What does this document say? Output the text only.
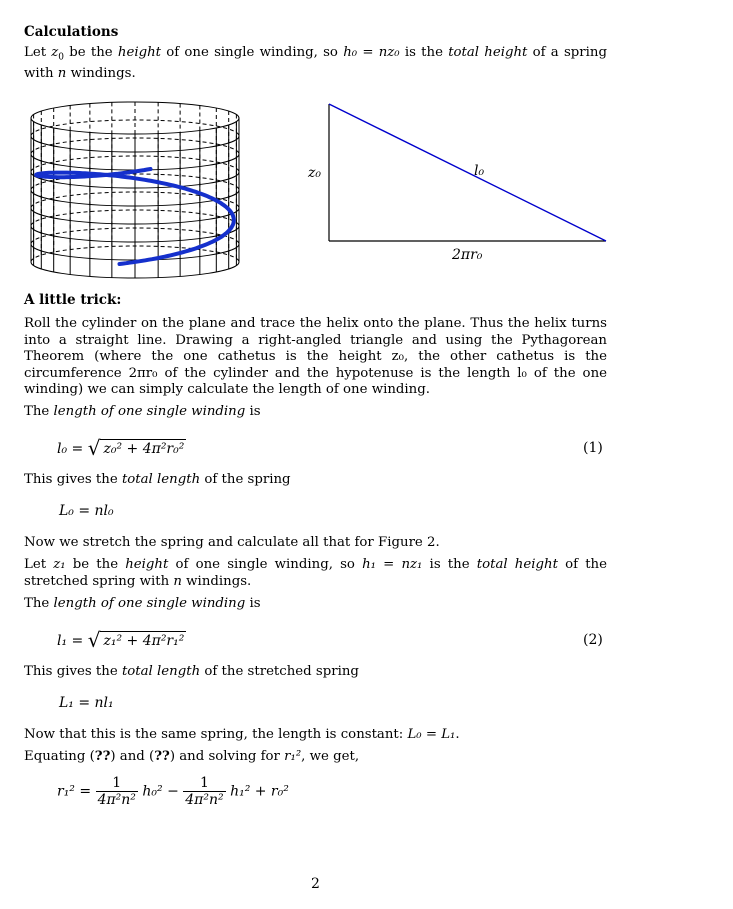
Calculations
Let $z_0$ be the height of one single winding, so h₀ = nz₀ is the total height of a spring with n windings.
z₀	l₀
2πr₀
A little trick:
Roll the cylinder on the plane and trace the helix onto the plane. Thus the helix turns into a straight line. Drawing a right-angled triangle and using the Pythagorean Theorem (where the one cathetus is the height z₀, the other cathetus is the circumference 2πr₀ of the cylinder and the hypotenuse is the length l₀ of the one winding) we can simply calculate the length of one winding.
The length of one single winding is
l₀ = √ z₀² + 4π²r₀²	(1)
This gives the total length of the spring
L₀ = nl₀
Now we stretch the spring and calculate all that for Figure 2.
Let z₁ be the height of one single winding, so h₁ = nz₁ is the total height of the stretched spring with n windings.
The length of one single winding is
l₁ = √ z₁² + 4π²r₁²	(2)
This gives the total length of the stretched spring
L₁ = nl₁
Now that this is the same spring, the length is constant: L₀ = L₁.
Equating (??) and (??) and solving for r₁², we get,
$r_1^2 = \frac{1}{\text{4π²n²}} h_0^2 - \frac{1}{\text{4π²n²}} h_1^2 + r_0^2$
2
